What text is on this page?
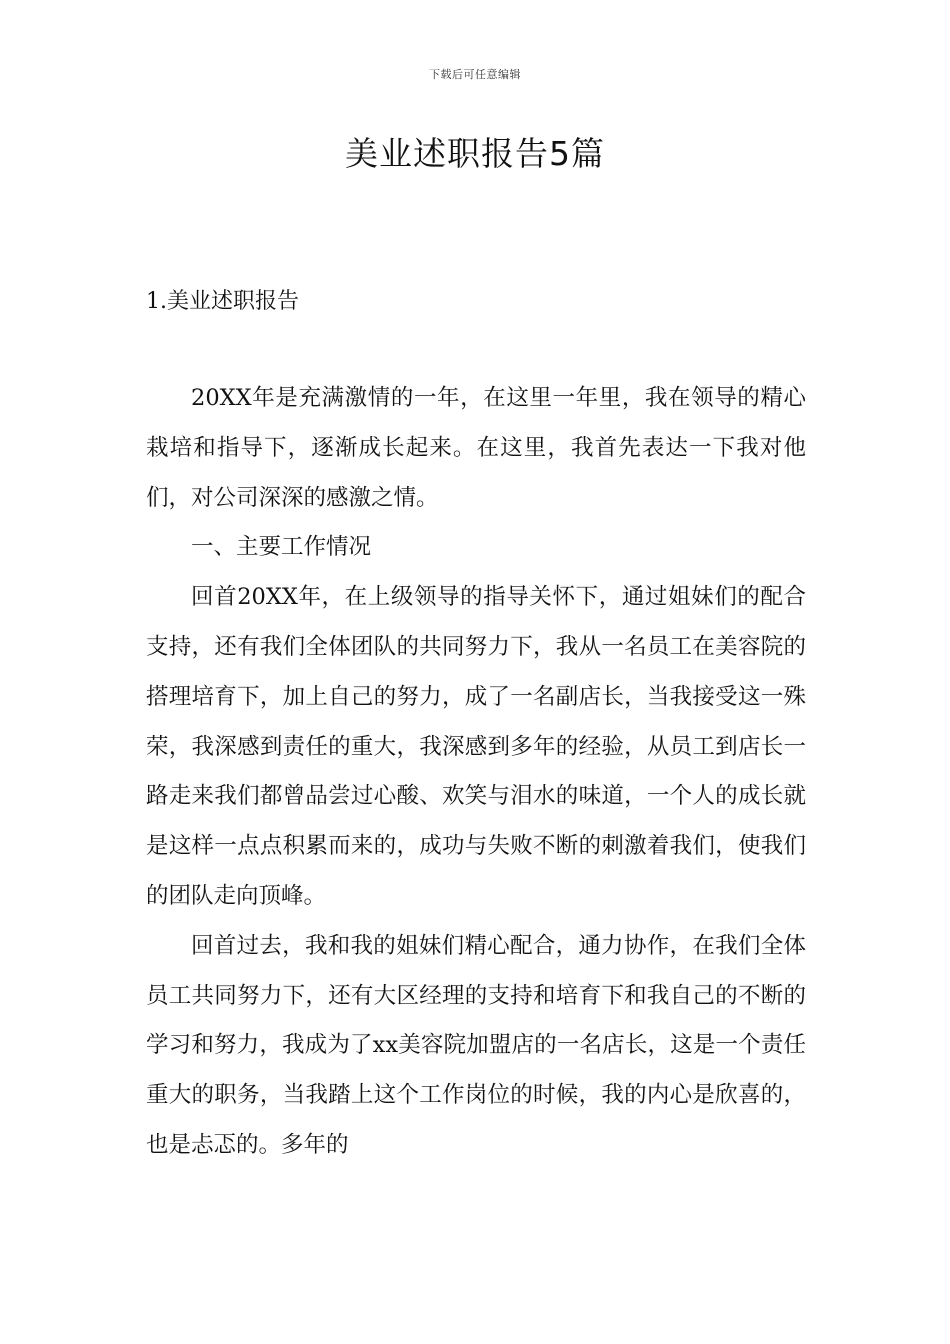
下载后可任意编辑
美业述职报告5篇
1.美业述职报告

20XX年是充满激情的一年，在这里一年里，我在领导的精心栽培和指导下，逐渐成长起来。在这里，我首先表达一下我对他们，对公司深深的感激之情。

一、主要工作情况

回首20XX年，在上级领导的指导关怀下，通过姐妹们的配合支持，还有我们全体团队的共同努力下，我从一名员工在美容院的搭理培育下，加上自己的努力，成了一名副店长，当我接受这一殊荣，我深感到责任的重大，我深感到多年的经验，从员工到店长一路走来我们都曾品尝过心酸、欢笑与泪水的味道，一个人的成长就是这样一点点积累而来的，成功与失败不断的刺激着我们，使我们的团队走向顶峰。

回首过去，我和我的姐妹们精心配合，通力协作，在我们全体员工共同努力下，还有大区经理的支持和培育下和我自己的不断的学习和努力，我成为了xx美容院加盟店的一名店长，这是一个责任重大的职务，当我踏上这个工作岗位的时候，我的内心是欣喜的，也是忐忑的。多年的
